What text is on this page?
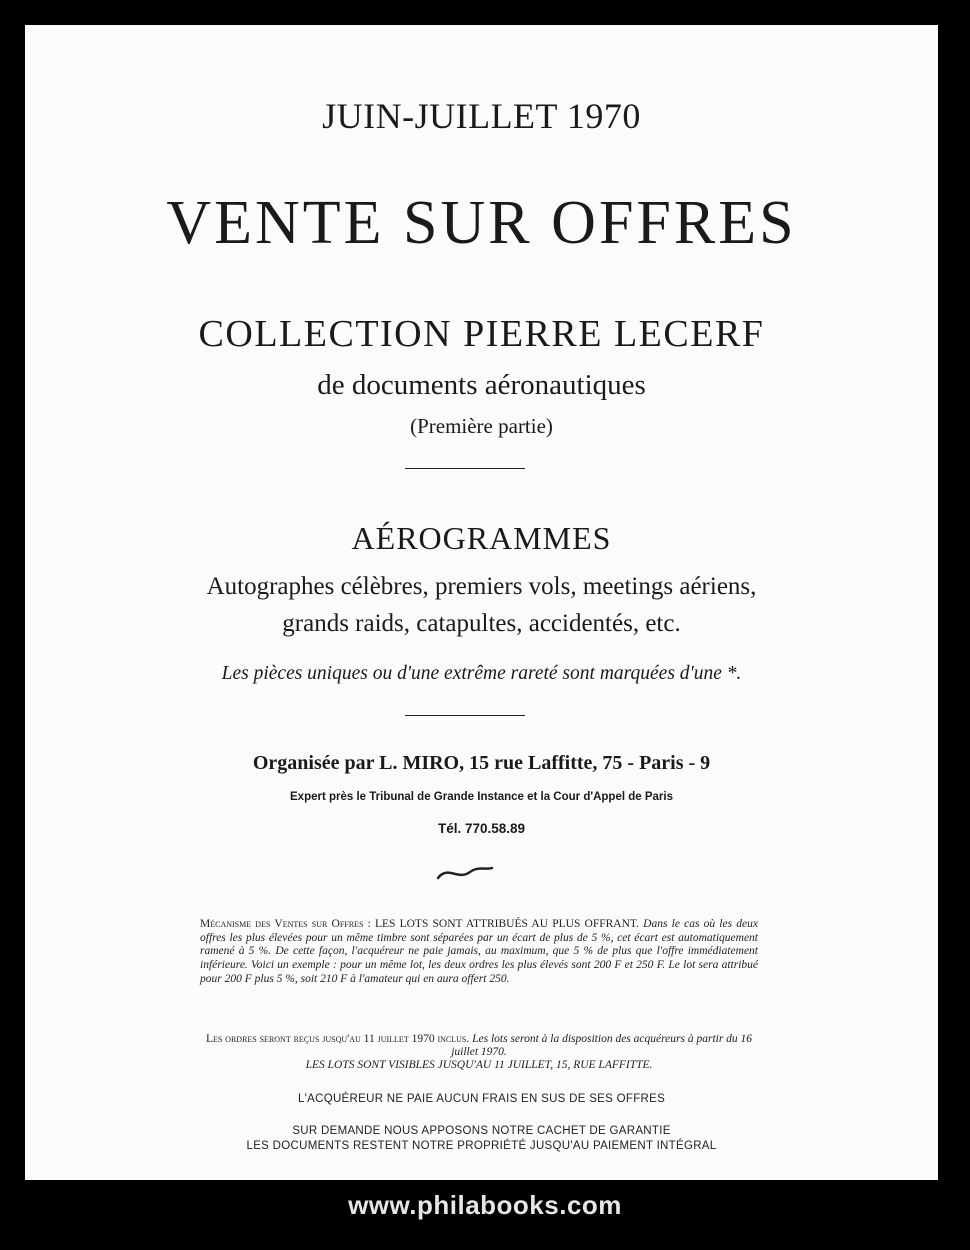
JUIN-JUILLET 1970

VENTE SUR OFFRES

COLLECTION PIERRE LECERF

de documents aéronautiques

(Première partie)

AÉROGRAMMES

Autographes célèbres, premiers vols, meetings aériens,

grands raids, catapultes, accidentés, etc.

Les pièces uniques ou d'une extrême rareté sont marquées d'une *.

Organisée par L. MIRO, 15 rue Laffitte, 75 - Paris - 9

Expert près le Tribunal de Grande Instance et la Cour d'Appel de Paris

Tél. 770.58.89

Mécanisme des Ventes sur Offres : LES LOTS SONT ATTRIBUÉS AU PLUS OFFRANT. Dans le cas où les deux offres les plus élevées pour un même timbre sont séparées par un écart de plus de 5 %, cet écart est automatiquement ramené à 5 %. De cette façon, l'acquéreur ne paie jamais, au maximum, que 5 % de plus que l'offre immédiatement inférieure. Voici un exemple : pour un même lot, les deux ordres les plus élevés sont 200 F et 250 F. Le lot sera attribué pour 200 F plus 5 %, soit 210 F à l'amateur qui en aura offert 250.
Les ordres seront reçus jusqu'au 11 juillet 1970 inclus. Les lots seront à la disposition des acquéreurs à partir du 16 juillet 1970.
LES LOTS SONT VISIBLES JUSQU'AU 11 JUILLET, 15, RUE LAFFITTE.

L'ACQUÉREUR NE PAIE AUCUN FRAIS EN SUS DE SES OFFRES

SUR DEMANDE NOUS APPOSONS NOTRE CACHET DE GARANTIE

LES DOCUMENTS RESTENT NOTRE PROPRIÉTÉ JUSQU'AU PAIEMENT INTÉGRAL

www.philabooks.com
